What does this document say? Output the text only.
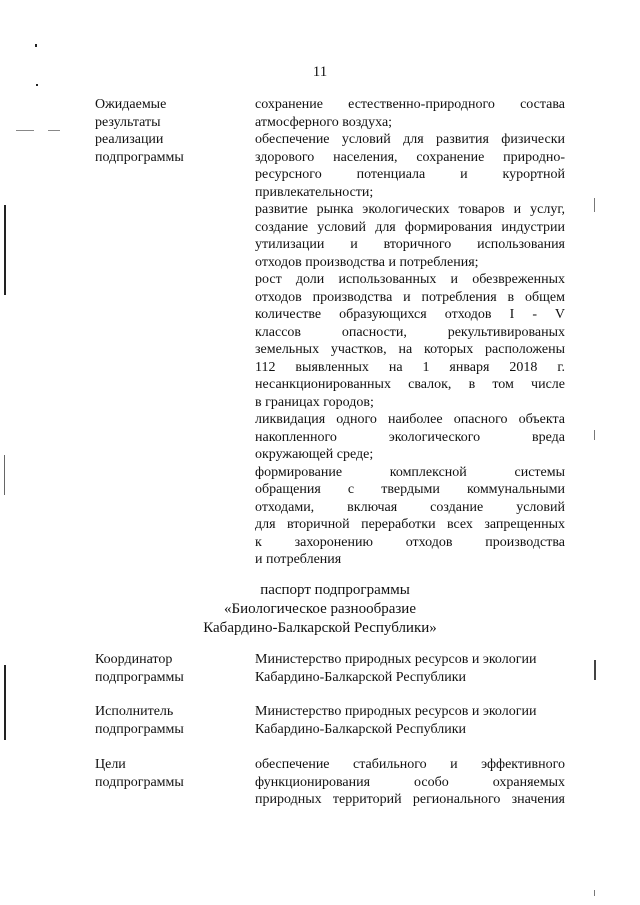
11
Ожидаемые
результаты
реализации
подпрограммы
сохранение естественно-природного состава
атмосферного воздуха;
обеспечение условий для развития физически
здорового населения, сохранение природно-
ресурсного потенциала и курортной
привлекательности;
развитие рынка экологических товаров и услуг,
создание условий для формирования индустрии
утилизации и вторичного использования
отходов производства и потребления;
рост доли использованных и обезвреженных
отходов производства и потребления в общем
количестве образующихся отходов I - V
классов опасности, рекультивированых
земельных участков, на которых расположены
112 выявленных на 1 января 2018 г.
несанкционированных свалок, в том числе
в границах городов;
ликвидация одного наиболее опасного объекта
накопленного экологического вреда
окружающей среде;
формирование комплексной системы
обращения с твердыми коммунальными
отходами, включая создание условий
для вторичной переработки всех запрещенных
к захоронению отходов производства
и потребления
паспорт подпрограммы
«Биологическое разнообразие
Кабардино-Балкарской Республики»
Координатор
подпрограммы
Министерство природных ресурсов и экологии
Кабардино-Балкарской Республики
Исполнитель
подпрограммы
Министерство природных ресурсов и экологии
Кабардино-Балкарской Республики
Цели
подпрограммы
обеспечение стабильного и эффективного
функционирования особо охраняемых
природных территорий регионального значения
